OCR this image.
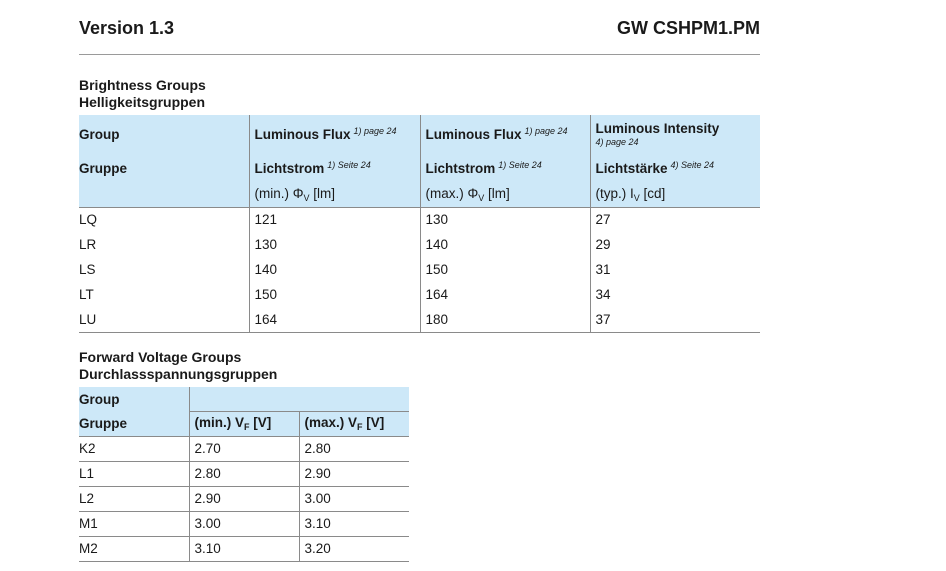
Version 1.3	GW CSHPM1.PM
Brightness Groups
Helligkeitsgruppen
Group	Luminous Flux $^{1) page 24}$	Luminous Flux $^{1) page 24}$	Luminous Intensity
4) page 24

Gruppe	Lichtstrom $^{1) Seite 24}$	Lichtstrom $^{1) Seite 24}$	Lichtstärke $^{4) Seite 24}$
	(min.) $\Phi_V$ [lm]	(max.) $\Phi_V$ [lm]	(typ.) $I_V$ [cd]
LQ	121	130	27
LR	130	140	29
LS	140	150	31
LT	150	164	34
LU	164	180	37
Forward Voltage Groups
Durchlassspannungsgruppen
Group		
Gruppe	(min.) $V_F$ [V]	(max.) $V_F$ [V]
K2	2.70	2.80
L1	2.80	2.90
L2	2.90	3.00
M1	3.00	3.10
M2	3.10	3.20
